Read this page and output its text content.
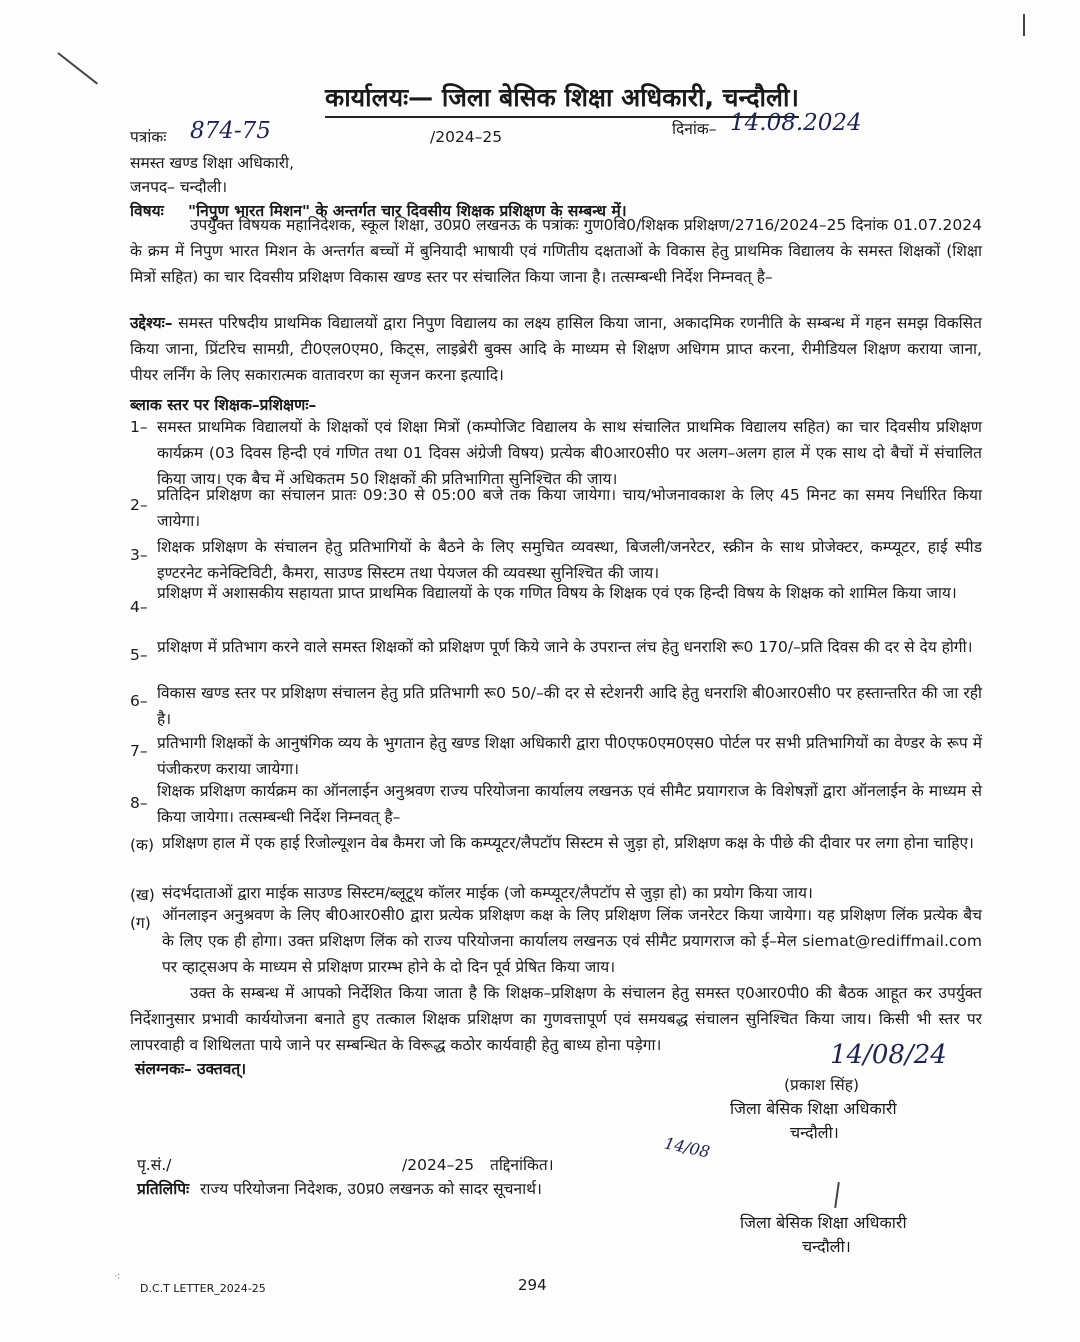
कार्यालयः— जिला बेसिक शिक्षा अधिकारी, चन्दौली।
पत्रांकः 874-75	/2024–25	दिनांक– 14.08.2024
समस्त खण्ड शिक्षा अधिकारी,
जनपद– चन्दौली।
विषयः "निपुण भारत मिशन" के अन्तर्गत चार दिवसीय शिक्षक प्रशिक्षण के सम्बन्ध में।
उपर्युक्त विषयक महानिदेशक, स्कूल शिक्षा, उ0प्र0 लखनऊ के पत्रांकः गुण0वि0/शिक्षक प्रशिक्षण/2716/2024–25 दिनांक 01.07.2024 के क्रम में निपुण भारत मिशन के अन्तर्गत बच्चों में बुनियादी भाषायी एवं गणितीय दक्षताओं के विकास हेतु प्राथमिक विद्यालय के समस्त शिक्षकों (शिक्षा मित्रों सहित) का चार दिवसीय प्रशिक्षण विकास खण्ड स्तर पर संचालित किया जाना है। तत्सम्बन्धी निर्देश निम्नवत् है–
उद्देश्यः– समस्त परिषदीय प्राथमिक विद्यालयों द्वारा निपुण विद्यालय का लक्ष्य हासिल किया जाना, अकादमिक रणनीति के सम्बन्ध में गहन समझ विकसित किया जाना, प्रिंटरिच सामग्री, टी0एल0एम0, किट्स, लाइब्रेरी बुक्स आदि के माध्यम से शिक्षण अधिगम प्राप्त करना, रीमीडियल शिक्षण कराया जाना, पीयर लर्निंग के लिए सकारात्मक वातावरण का सृजन करना इत्यादि।
ब्लाक स्तर पर शिक्षक–प्रशिक्षणः–
1– समस्त प्राथमिक विद्यालयों के शिक्षकों एवं शिक्षा मित्रों (कम्पोजिट विद्यालय के साथ संचालित प्राथमिक विद्यालय सहित) का चार दिवसीय प्रशिक्षण कार्यक्रम (03 दिवस हिन्दी एवं गणित तथा 01 दिवस अंग्रेजी विषय) प्रत्येक बी0आर0सी0 पर अलग–अलग हाल में एक साथ दो बैचों में संचालित किया जाय। एक बैच में अधिकतम 50 शिक्षकों की प्रतिभागिता सुनिश्चित की जाय।
2–
प्रतिदिन प्रशिक्षण का संचालन प्रातः 09:30 से 05:00 बजे तक किया जायेगा। चाय/भोजनावकाश के लिए 45 मिनट का समय निर्धारित किया जायेगा।
3– शिक्षक प्रशिक्षण के संचालन हेतु प्रतिभागियों के बैठने के लिए समुचित व्यवस्था, बिजली/जनरेटर, स्क्रीन के साथ प्रोजेक्टर, कम्प्यूटर, हाई स्पीड इण्टरनेट कनेक्टिविटी, कैमरा, साउण्ड सिस्टम तथा पेयजल की व्यवस्था सुनिश्चित की जाय।
4–
प्रशिक्षण में अशासकीय सहायता प्राप्त प्राथमिक विद्यालयों के एक गणित विषय के शिक्षक एवं एक हिन्दी विषय के शिक्षक को शामिल किया जाय।
5– प्रशिक्षण में प्रतिभाग करने वाले समस्त शिक्षकों को प्रशिक्षण पूर्ण किये जाने के उपरान्त लंच हेतु धनराशि रू0 170/–प्रति दिवस की दर से देय होगी।
6– विकास खण्ड स्तर पर प्रशिक्षण संचालन हेतु प्रति प्रतिभागी रू0 50/–की दर से स्टेशनरी आदि हेतु धनराशि बी0आर0सी0 पर हस्तान्तरित की जा रही है।
7– प्रतिभागी शिक्षकों के आनुषंगिक व्यय के भुगतान हेतु खण्ड शिक्षा अधिकारी द्वारा पी0एफ0एम0एस0 पोर्टल पर सभी प्रतिभागियों का वेण्डर के रूप में पंजीकरण कराया जायेगा।
8–
शिक्षक प्रशिक्षण कार्यक्रम का ऑनलाईन अनुश्रवण राज्य परियोजना कार्यालय लखनऊ एवं सीमैट प्रयागराज के विशेषज्ञों द्वारा ऑनलाईन के माध्यम से किया जायेगा। तत्सम्बन्धी निर्देश निम्नवत् है–
(क) प्रशिक्षण हाल में एक हाई रिजोल्यूशन वेब कैमरा जो कि कम्प्यूटर/लैपटॉप सिस्टम से जुड़ा हो, प्रशिक्षण कक्ष के पीछे की दीवार पर लगा होना चाहिए।
(ख) संदर्भदाताओं द्वारा माईक साउण्ड सिस्टम/ब्लूटूथ कॉलर माईक (जो कम्प्यूटर/लैपटॉप से जुड़ा हो) का प्रयोग किया जाय।
(ग) ऑनलाइन अनुश्रवण के लिए बी0आर0सी0 द्वारा प्रत्येक प्रशिक्षण कक्ष के लिए प्रशिक्षण लिंक जनरेटर किया जायेगा। यह प्रशिक्षण लिंक प्रत्येक बैच के लिए एक ही होगा। उक्त प्रशिक्षण लिंक को राज्य परियोजना कार्यालय लखनऊ एवं सीमैट प्रयागराज को ई–मेल siemat@rediffmail.com पर व्हाट्सअप के माध्यम से प्रशिक्षण प्रारम्भ होने के दो दिन पूर्व प्रेषित किया जाय।
उक्त के सम्बन्ध में आपको निर्देशित किया जाता है कि शिक्षक–प्रशिक्षण के संचालन हेतु समस्त ए0आर0पी0 की बैठक आहूत कर उपर्युक्त निर्देशानुसार प्रभावी कार्ययोजना बनाते हुए तत्काल शिक्षक प्रशिक्षण का गुणवत्तापूर्ण एवं समयबद्ध संचालन सुनिश्चित किया जाय। किसी भी स्तर पर लापरवाही व शिथिलता पाये जाने पर सम्बन्धित के विरूद्ध कठोर कार्यवाही हेतु बाध्य होना पड़ेगा।
संलग्नकः– उक्तवत्।	14/08/24
(प्रकाश सिंह)
जिला बेसिक शिक्षा अधिकारी
चन्दौली।
पृ.सं./	/2024–25 तद्दिनांकित।
प्रतिलिपिः राज्य परियोजना निदेशक, उ0प्र0 लखनऊ को सादर सूचनार्थ।
14/08
जिला बेसिक शिक्षा अधिकारी
चन्दौली।
D.C.T LETTER_2024-25	294
⁖
